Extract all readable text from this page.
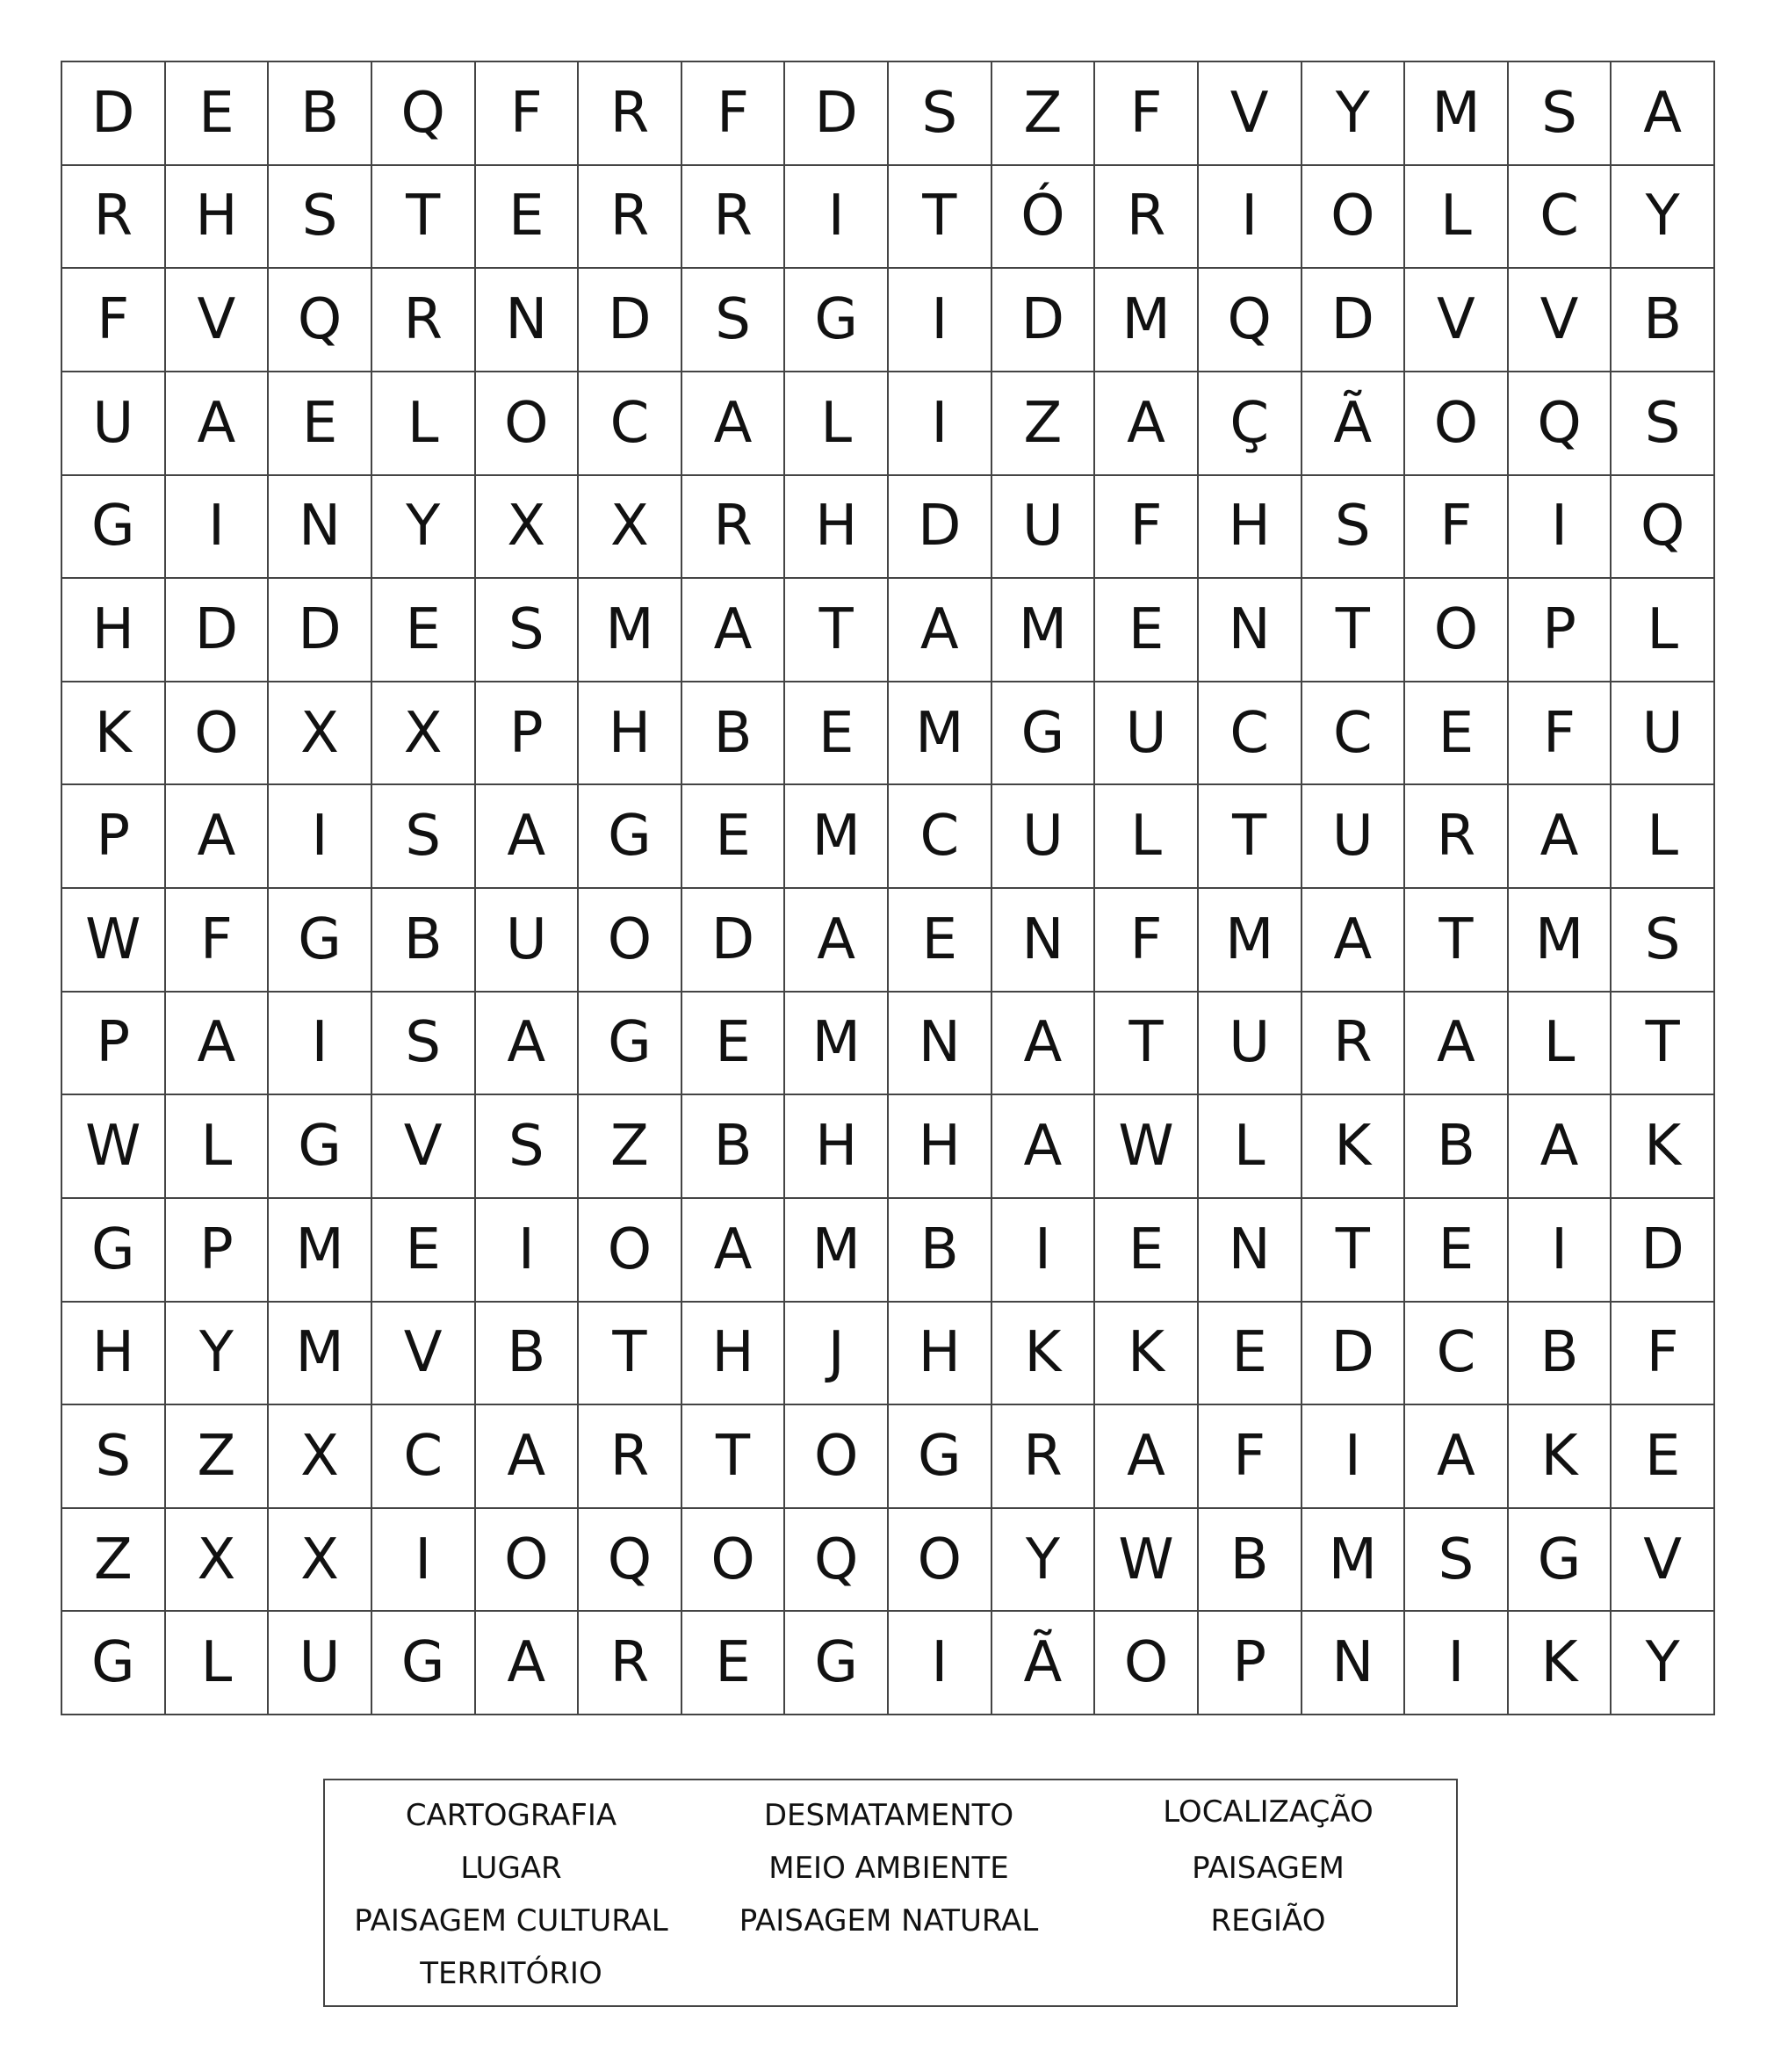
D	E	B	Q	F	R	F	D	S	Z	F	V	Y	M	S	A
R	H	S	T	E	R	R	I	T	Ó	R	I	O	L	C	Y
F	V	Q	R	N	D	S	G	I	D	M	Q	D	V	V	B
U	A	E	L	O	C	A	L	I	Z	A	Ç	Ã	O	Q	S
G	I	N	Y	X	X	R	H	D	U	F	H	S	F	I	Q
H	D	D	E	S	M	A	T	A	M	E	N	T	O	P	L
K	O	X	X	P	H	B	E	M	G	U	C	C	E	F	U
P	A	I	S	A	G	E	M	C	U	L	T	U	R	A	L
W	F	G	B	U	O	D	A	E	N	F	M	A	T	M	S
P	A	I	S	A	G	E	M	N	A	T	U	R	A	L	T
W	L	G	V	S	Z	B	H	H	A	W	L	K	B	A	K
G	P	M	E	I	O	A	M	B	I	E	N	T	E	I	D
H	Y	M	V	B	T	H	J	H	K	K	E	D	C	B	F
S	Z	X	C	A	R	T	O	G	R	A	F	I	A	K	E
Z	X	X	I	O	Q	O	Q	O	Y	W	B	M	S	G	V
G	L	U	G	A	R	E	G	I	Ã	O	P	N	I	K	Y
CARTOGRAFIA	DESMATAMENTO	LOCALIZAÇÃO
LUGAR	MEIO AMBIENTE	PAISAGEM
PAISAGEM CULTURAL	PAISAGEM NATURAL	REGIÃO
TERRITÓRIO
